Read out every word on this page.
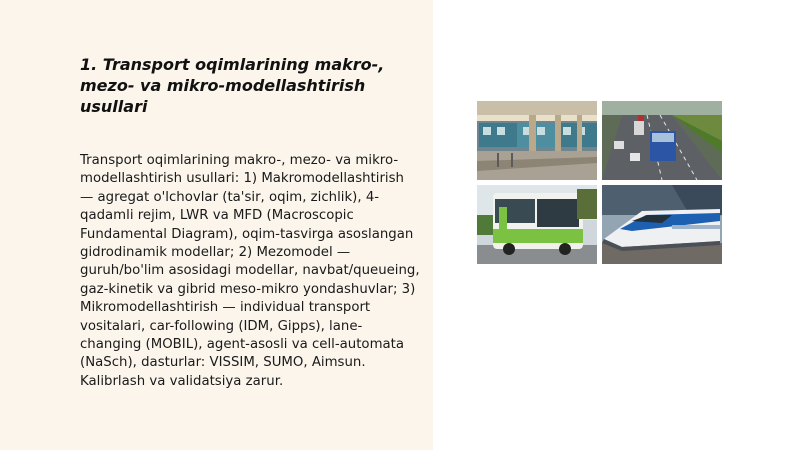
1. Transport oqimlarining makro-, mezo- va mikro-modellashtirish usullari

Transport oqimlarining makro-, mezo- va mikro-modellashtirish usullari: 1) Makromodellashtirish — agregat o'lchovlar (ta'sir, oqim, zichlik), 4-qadamli rejim, LWR va MFD (Macroscopic Fundamental Diagram), oqim-tasvirga asoslangan gidrodinamik modellar; 2) Mezomodel — guruh/bo'lim asosidagi modellar, navbat/queueing, gaz-kinetik va gibrid meso-mikro yondashuvlar; 3) Mikromodellashtirish — individual transport vositalari, car-following (IDM, Gipps), lane-changing (MOBIL), agent-asosli va cell-automata (NaSch), dasturlar: VISSIM, SUMO, Aimsun. Kalibrlash va validatsiya zarur.
